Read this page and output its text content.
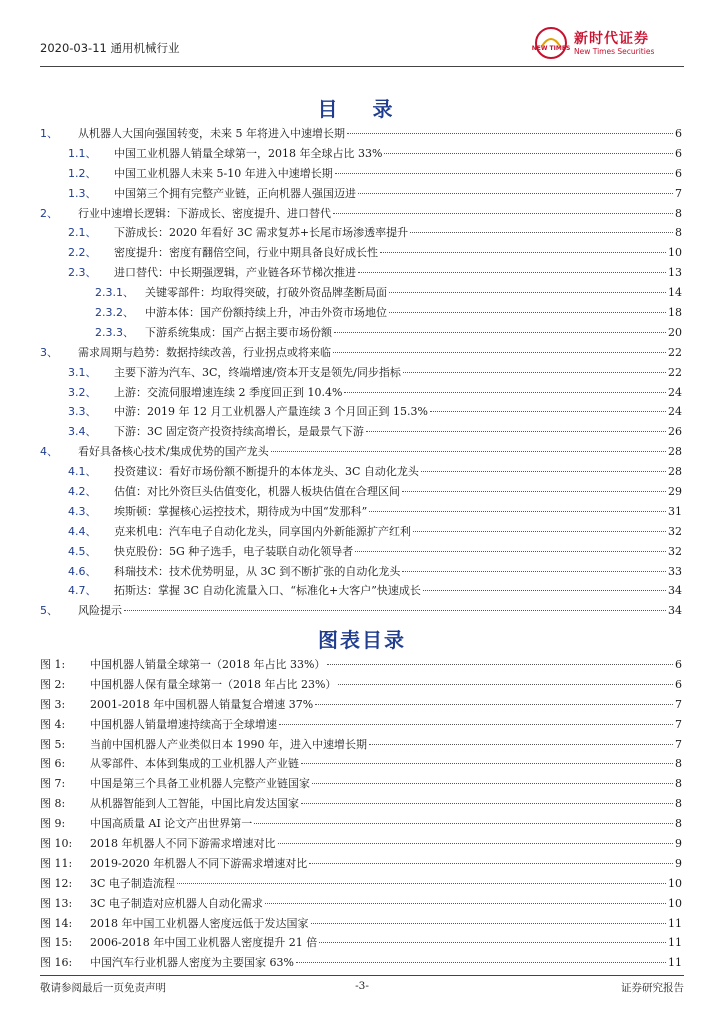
2020-03-11 通用机械行业	NEW TIMES
新时代证券
New Times Securities
目 录
1、	从机器人大国向强国转变，未来 5 年将进入中速增长期	6
1.1、	中国工业机器人销量全球第一，2018 年全球占比 33%	6
1.2、	中国工业机器人未来 5-10 年进入中速增长期	6
1.3、	中国第三个拥有完整产业链，正向机器人强国迈进	7
2、	行业中速增长逻辑：下游成长、密度提升、进口替代	8
2.1、	下游成长：2020 年看好 3C 需求复苏+长尾市场渗透率提升	8
2.2、	密度提升：密度有翻倍空间，行业中期具备良好成长性	10
2.3、	进口替代：中长期强逻辑，产业链各环节梯次推进	13
2.3.1、	关键零部件：均取得突破，打破外资品牌垄断局面	14
2.3.2、	中游本体：国产份额持续上升，冲击外资市场地位	18
2.3.3、	下游系统集成：国产占据主要市场份额	20
3、	需求周期与趋势：数据持续改善，行业拐点或将来临	22
3.1、	主要下游为汽车、3C，终端增速/资本开支是领先/同步指标	22
3.2、	上游：交流伺服增速连续 2 季度回正到 10.4%	24
3.3、	中游：2019 年 12 月工业机器人产量连续 3 个月回正到 15.3%	24
3.4、	下游：3C 固定资产投资持续高增长，是最景气下游	26
4、	看好具备核心技术/集成优势的国产龙头	28
4.1、	投资建议：看好市场份额不断提升的本体龙头、3C 自动化龙头	28
4.2、	估值：对比外资巨头估值变化，机器人板块估值在合理区间	29
4.3、	埃斯顿：掌握核心运控技术，期待成为中国“发那科”	31
4.4、	克来机电：汽车电子自动化龙头，同享国内外新能源扩产红利	32
4.5、	快克股份：5G 种子选手，电子装联自动化领导者	32
4.6、	科瑞技术：技术优势明显，从 3C 到不断扩张的自动化龙头	33
4.7、	拓斯达：掌握 3C 自动化流量入口、“标准化+大客户”快速成长	34
5、	风险提示	34
图表目录
图 1:	中国机器人销量全球第一（2018 年占比 33%）	6
图 2:	中国机器人保有量全球第一（2018 年占比 23%）	6
图 3:	2001-2018 年中国机器人销量复合增速 37%	7
图 4:	中国机器人销量增速持续高于全球增速	7
图 5:	当前中国机器人产业类似日本 1990 年，进入中速增长期	7
图 6:	从零部件、本体到集成的工业机器人产业链	8
图 7:	中国是第三个具备工业机器人完整产业链国家	8
图 8:	从机器智能到人工智能，中国比肩发达国家	8
图 9:	中国高质量 AI 论文产出世界第一	8
图 10:	2018 年机器人不同下游需求增速对比	9
图 11:	2019-2020 年机器人不同下游需求增速对比	9
图 12:	3C 电子制造流程	10
图 13:	3C 电子制造对应机器人自动化需求	10
图 14:	2018 年中国工业机器人密度远低于发达国家	11
图 15:	2006-2018 年中国工业机器人密度提升 21 倍	11
图 16:	中国汽车行业机器人密度为主要国家 63%	11
敬请参阅最后一页免责声明	-3-	证券研究报告
